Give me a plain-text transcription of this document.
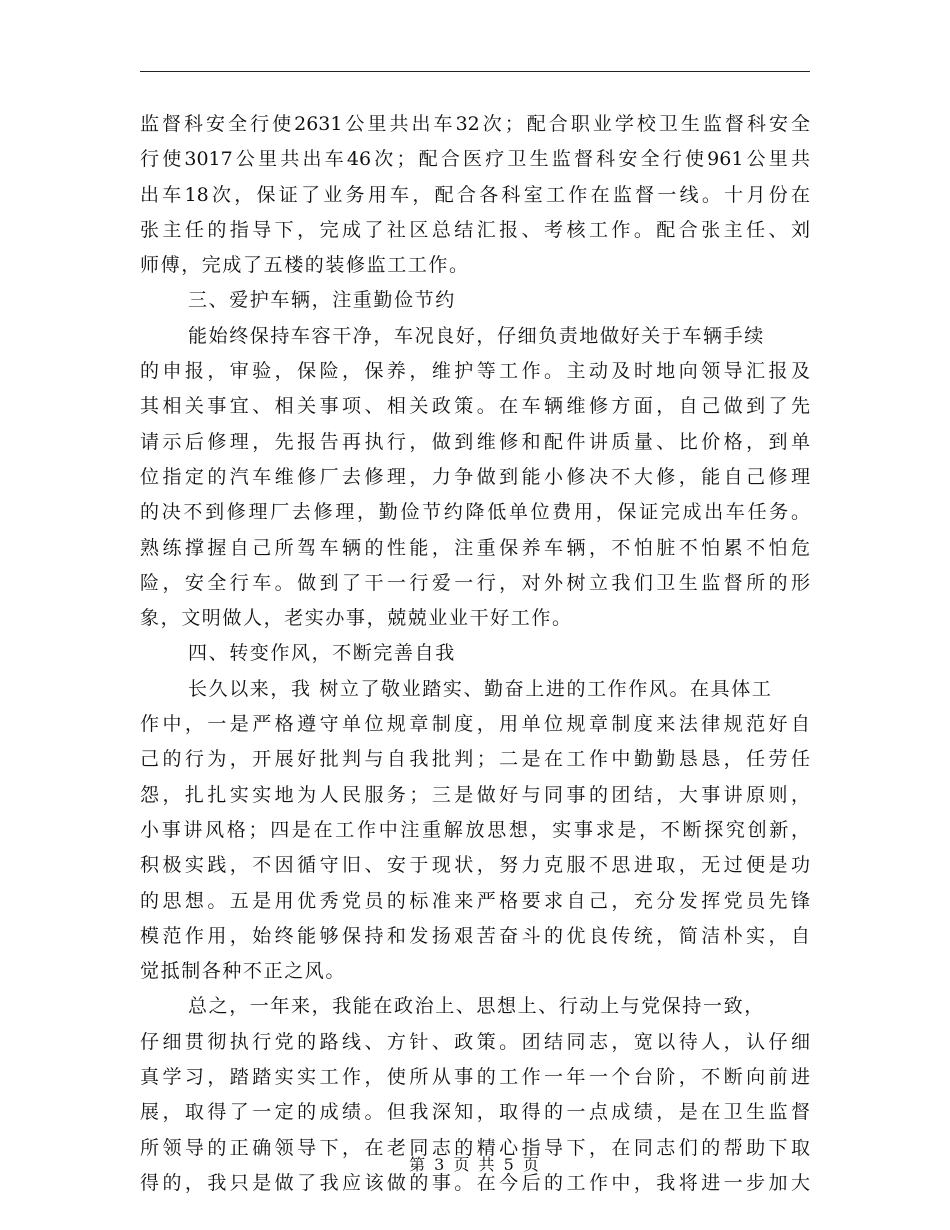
监督科安全行使2631公里共出车32次；配合职业学校卫生监督科安全
行使3017公里共出车46次；配合医疗卫生监督科安全行使961公里共
出车18次，保证了业务用车，配合各科室工作在监督一线。十月份在
张主任的指导下，完成了社区总结汇报、考核工作。配合张主任、刘
师傅，完成了五楼的装修监工工作。
三、爱护车辆，注重勤俭节约
能始终保持车容干净，车况良好，仔细负责地做好关于车辆手续
的申报，审验，保险，保养，维护等工作。主动及时地向领导汇报及
其相关事宜、相关事项、相关政策。在车辆维修方面，自己做到了先
请示后修理，先报告再执行，做到维修和配件讲质量、比价格，到单
位指定的汽车维修厂去修理，力争做到能小修决不大修，能自己修理
的决不到修理厂去修理，勤俭节约降低单位费用，保证完成出车任务。
熟练撑握自己所驾车辆的性能，注重保养车辆，不怕脏不怕累不怕危
险，安全行车。做到了干一行爱一行，对外树立我们卫生监督所的形
象，文明做人，老实办事，兢兢业业干好工作。
四、转变作风，不断完善自我
长久以来，我 树立了敬业踏实、勤奋上进的工作作风。在具体工
作中，一是严格遵守单位规章制度，用单位规章制度来法律规范好自
己的行为，开展好批判与自我批判；二是在工作中勤勤恳恳，任劳任
怨，扎扎实实地为人民服务；三是做好与同事的团结，大事讲原则，
小事讲风格；四是在工作中注重解放思想，实事求是，不断探究创新，
积极实践，不因循守旧、安于现状，努力克服不思进取，无过便是功
的思想。五是用优秀党员的标准来严格要求自己，充分发挥党员先锋
模范作用，始终能够保持和发扬艰苦奋斗的优良传统，简洁朴实，自
觉抵制各种不正之风。
总之，一年来，我能在政治上、思想上、行动上与党保持一致，
仔细贯彻执行党的路线、方针、政策。团结同志，宽以待人，认仔细
真学习，踏踏实实工作，使所从事的工作一年一个台阶，不断向前进
展，取得了一定的成绩。但我深知，取得的一点成绩，是在卫生监督
所领导的正确领导下，在老同志的精心指导下，在同志们的帮助下取
得的，我只是做了我应该做的事。在今后的工作中，我将进一步加大
第 3 页 共 5 页
